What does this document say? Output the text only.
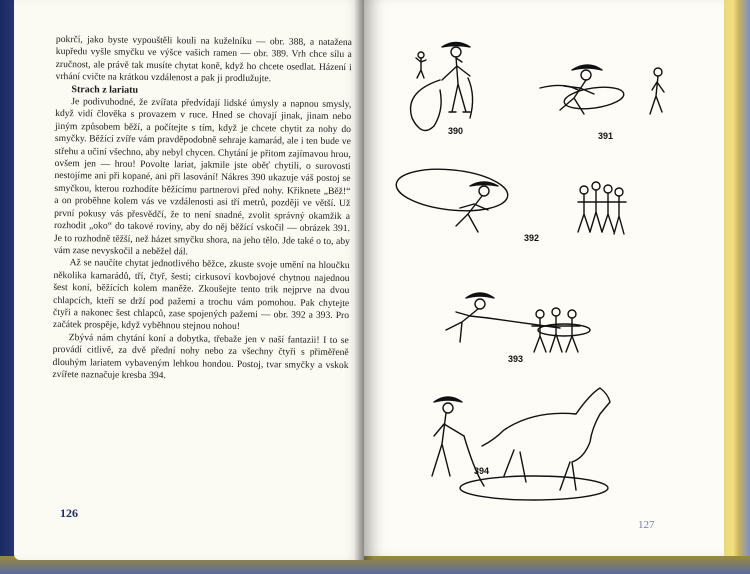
pokrčí, jako byste vypouštěli kouli na kuželníku — obr. 388, a natažena kupředu vyšle smyčku ve výšce vašich ramen — obr. 389. Vrh chce sílu a zručnost, ale právě tak musíte chytat koně, když ho chcete osedlat. Házení i vrhání cvičte na krátkou vzdálenost a pak ji prodlužujte.

Strach z lariatu

Je podivuhodné, že zvířata předvídají lidské úmysly a napnou smysly, když vidí člověka s provazem v ruce. Hned se chovají jinak, jinam nebo jiným způsobem běží, a počítejte s tím, když je chcete chytit za nohy do smyčky. Běžící zvíře vám pravděpodobně sehraje kamarád, ale i ten bude ve střehu a učiní všechno, aby nebyl chycen. Chytání je přitom zajímavou hrou, ovšem jen — hrou! Povolte lariat, jakmile jste oběť chytili, o surovosti nestojíme ani při kopané, ani při lasování! Nákres 390 ukazuje váš postoj se smyčkou, kterou rozhodíte běžícímu partnerovi před nohy. Křiknete „Běž!“ a on proběhne kolem vás ve vzdálenosti asi tří metrů, později ve větší. Už první pokusy vás přesvědčí, že to není snadné, zvolit správný okamžik a rozhodit „oko“ do takové roviny, aby do něj běžící vskočil — obrázek 391. Je to rozhodně těžší, než házet smyčku shora, na jeho tělo. Jde také o to, aby vám zase nevyskočil a neběžel dál.

Až se naučíte chytat jednotlivého běžce, zkuste svoje umění na hloučku několika kamarádů, tří, čtyř, šesti; cirkusoví kovbojové chytnou najednou šest koní, běžících kolem maněže. Zkoušejte tento trik nejprve na dvou chlapcích, kteří se drží pod pažemi a trochu vám pomohou. Pak chytejte čtyři a nakonec šest chlapců, zase spojených pažemi — obr. 392 a 393. Pro začátek prospěje, když vyběhnou stejnou nohou!

Zbývá nám chytání koní a dobytka, třebaže jen v naší fantazii! I to se provádí citlivě, za dvě přední nohy nebo za všechny čtyři s přiměřeně dlouhým lariatem vybaveným lehkou hondou. Postoj, tvar smyčky a vskok zvířete naznačuje kresba 394.

126
390	391
392
393
394
127
